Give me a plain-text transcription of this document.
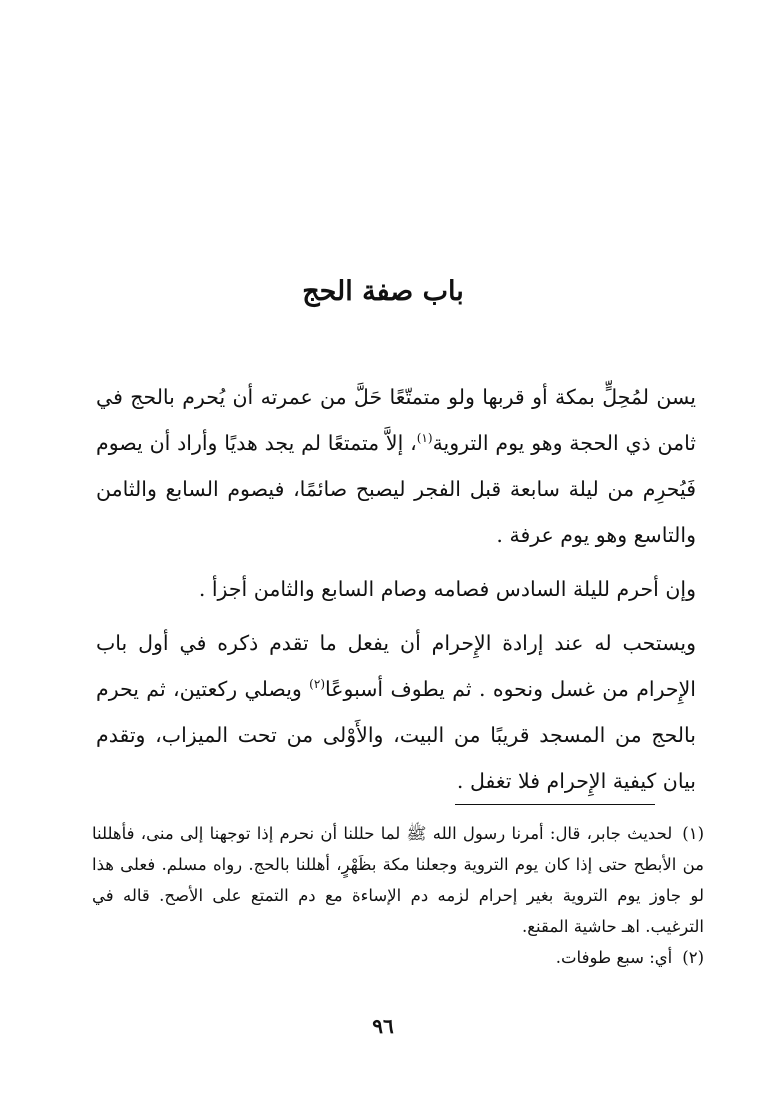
باب صفة الحج

يسن لمُحِلٍّ بمكة أو قربها ولو متمتّعًا حَلَّ من عمرته أن يُحرم بالحج في ثامن ذي الحجة وهو يوم التروية$^{(١)}$، إلاَّ متمتعًا لم يجد هديًا وأراد أن يصوم فَيُحرِم من ليلة سابعة قبل الفجر ليصبح صائمًا، فيصوم السابع والثامن والتاسع وهو يوم عرفة .

وإن أحرم لليلة السادس فصامه وصام السابع والثامن أجزأ .

ويستحب له عند إرادة الإِحرام أن يفعل ما تقدم ذكره في أول باب الإِحرام من غسل ونحوه . ثم يطوف أسبوعًا$^{(٢)}$ ويصلي ركعتين، ثم يحرم بالحج من المسجد قريبًا من البيت، والأَوْلى من تحت الميزاب، وتقدم بيان كيفية الإِحرام فلا تغفل .

(١)لحديث جابر، قال: أمرنا رسول الله ﷺ لما حللنا أن نحرم إذا توجهنا إلى منى، فأهللنا من الأبطح حتى إذا كان يوم التروية وجعلنا مكة بظَهْرٍ، أهللنا بالحج. رواه مسلم. فعلى هذا لو جاوز يوم التروية بغير إحرام لزمه دم الإساءة مع دم التمتع على الأصح. قاله في الترغيب. اهـ حاشية المقنع.

(٢)أي: سبع طوفات.

٩٦
